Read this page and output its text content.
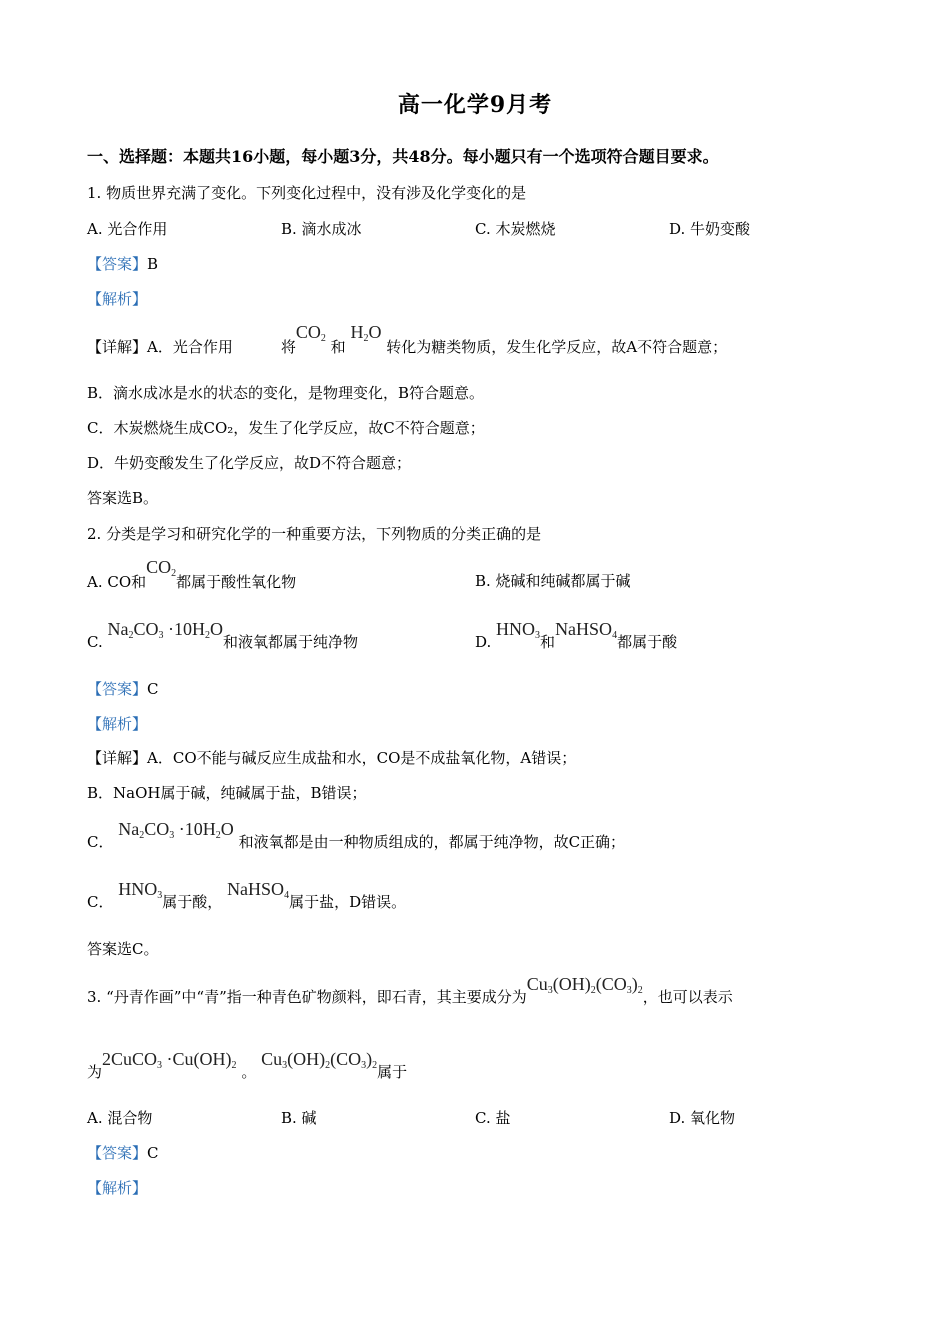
高一化学9月考
一、选择题：本题共16小题，每小题3分，共48分。每小题只有一个选项符合题目要求。
1. 物质世界充满了变化。下列变化过程中，没有涉及化学变化的是
A. 光合作用	B. 滴水成冰	C. 木炭燃烧	D. 牛奶变酸
【答案】B
【解析】
【详解】A．光合作用	将$CO_2$ 和 $H_2O$ 转化为糖类物质，发生化学反应，故A不符合题意；
B．滴水成冰是水的状态的变化，是物理变化，B符合题意。
C．木炭燃烧生成CO₂，发生了化学反应，故C不符合题意；
D．牛奶变酸发生了化学反应，故D不符合题意；
答案选B。
2. 分类是学习和研究化学的一种重要方法，下列物质的分类正确的是
A. CO和$CO_2$都属于酸性氧化物	B. 烧碱和纯碱都属于碱
C. $Na_2CO_3 \cdot 10H_2O$和液氧都属于纯净物	D. $HNO_3$和NaHSO$_4$都属于酸
【答案】C
【解析】
【详解】A．CO不能与碱反应生成盐和水，CO是不成盐氧化物，A错误；
B．NaOH属于碱，纯碱属于盐，B错误；
C． $Na_2CO_3 \cdot 10H_2O$ 和液氧都是由一种物质组成的，都属于纯净物，故C正确；
C． $HNO_3$属于酸， NaHSO$_4$属于盐，D错误。
答案选C。
3. “丹青作画”中“青”指一种青色矿物颜料，即石青，其主要成分为$Cu_3(OH)_2(CO_3)_2$，也可以表示
为2CuCO$_3$ $\cdot Cu(OH)_2$ 。 $Cu_3(OH)_2(CO_3)_2$属于
A. 混合物	B. 碱	C. 盐	D. 氧化物
【答案】C
【解析】
